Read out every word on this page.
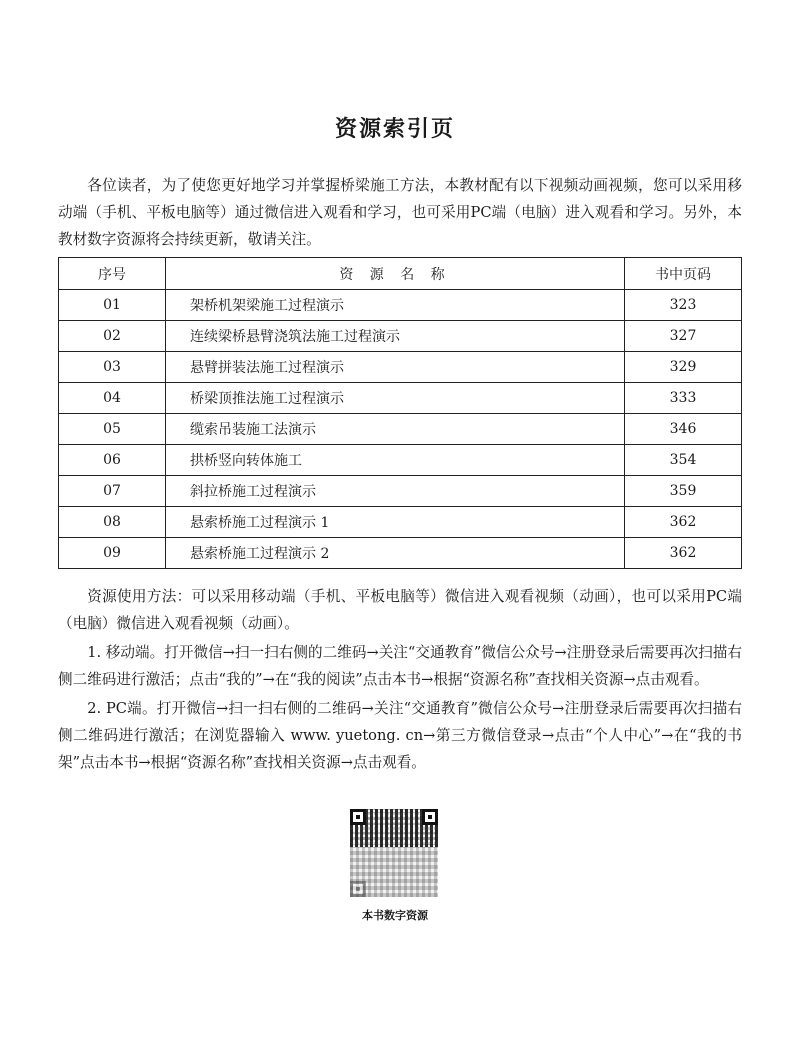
资源索引页
各位读者，为了使您更好地学习并掌握桥梁施工方法，本教材配有以下视频动画视频，您可以采用移动端（手机、平板电脑等）通过微信进入观看和学习，也可采用PC端（电脑）进入观看和学习。另外，本教材数字资源将会持续更新，敬请关注。
序号	资 源 名 称	书中页码
01	架桥机架梁施工过程演示	323
02	连续梁桥悬臂浇筑法施工过程演示	327
03	悬臂拼装法施工过程演示	329
04	桥梁顶推法施工过程演示	333
05	缆索吊装施工法演示	346
06	拱桥竖向转体施工	354
07	斜拉桥施工过程演示	359
08	悬索桥施工过程演示 1	362
09	悬索桥施工过程演示 2	362

资源使用方法：可以采用移动端（手机、平板电脑等）微信进入观看视频（动画），也可以采用PC端（电脑）微信进入观看视频（动画）。

1. 移动端。打开微信→扫一扫右侧的二维码→关注“交通教育”微信公众号→注册登录后需要再次扫描右侧二维码进行激活；点击“我的”→在“我的阅读”点击本书→根据“资源名称”查找相关资源→点击观看。

2. PC端。打开微信→扫一扫右侧的二维码→关注“交通教育”微信公众号→注册登录后需要再次扫描右侧二维码进行激活；在浏览器输入 www. yuetong. cn→第三方微信登录→点击“个人中心”→在“我的书架”点击本书→根据“资源名称”查找相关资源→点击观看。

本书数字资源
